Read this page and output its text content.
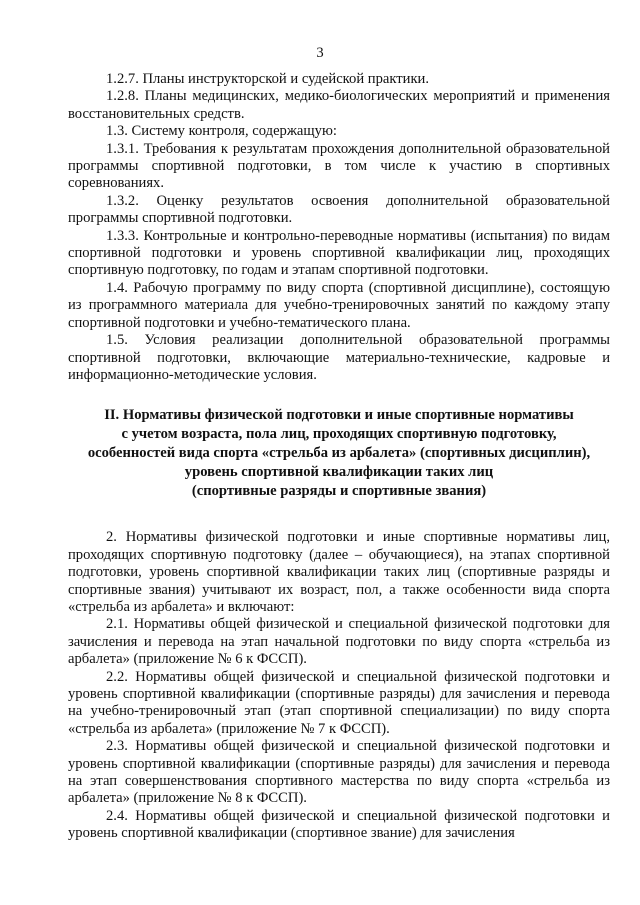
3

1.2.7. Планы инструкторской и судейской практики.

1.2.8. Планы медицинских, медико-биологических мероприятий и применения восстановительных средств.

1.3. Систему контроля, содержащую:

1.3.1. Требования к результатам прохождения дополнительной образовательной программы спортивной подготовки, в том числе к участию в спортивных соревнованиях.

1.3.2. Оценку результатов освоения дополнительной образовательной программы спортивной подготовки.

1.3.3. Контрольные и контрольно-переводные нормативы (испытания) по видам спортивной подготовки и уровень спортивной квалификации лиц, проходящих спортивную подготовку, по годам и этапам спортивной подготовки.

1.4. Рабочую программу по виду спорта (спортивной дисциплине), состоящую из программного материала для учебно-тренировочных занятий по каждому этапу спортивной подготовки и учебно-тематического плана.

1.5. Условия реализации дополнительной образовательной программы спортивной подготовки, включающие материально-технические, кадровые и информационно-методические условия.

II. Нормативы физической подготовки и иные спортивные нормативы
с учетом возраста, пола лиц, проходящих спортивную подготовку,
особенностей вида спорта «стрельба из арбалета» (спортивных дисциплин),
уровень спортивной квалификации таких лиц
(спортивные разряды и спортивные звания)

2. Нормативы физической подготовки и иные спортивные нормативы лиц, проходящих спортивную подготовку (далее – обучающиеся), на этапах спортивной подготовки, уровень спортивной квалификации таких лиц (спортивные разряды и спортивные звания) учитывают их возраст, пол, а также особенности вида спорта «стрельба из арбалета» и включают:

2.1. Нормативы общей физической и специальной физической подготовки для зачисления и перевода на этап начальной подготовки по виду спорта «стрельба из арбалета» (приложение № 6 к ФССП).

2.2. Нормативы общей физической и специальной физической подготовки и уровень спортивной квалификации (спортивные разряды) для зачисления и перевода на учебно-тренировочный этап (этап спортивной специализации) по виду спорта «стрельба из арбалета» (приложение № 7 к ФССП).

2.3. Нормативы общей физической и специальной физической подготовки и уровень спортивной квалификации (спортивные разряды) для зачисления и перевода на этап совершенствования спортивного мастерства по виду спорта «стрельба из арбалета» (приложение № 8 к ФССП).

2.4. Нормативы общей физической и специальной физической подготовки и уровень спортивной квалификации (спортивное звание) для зачисления
